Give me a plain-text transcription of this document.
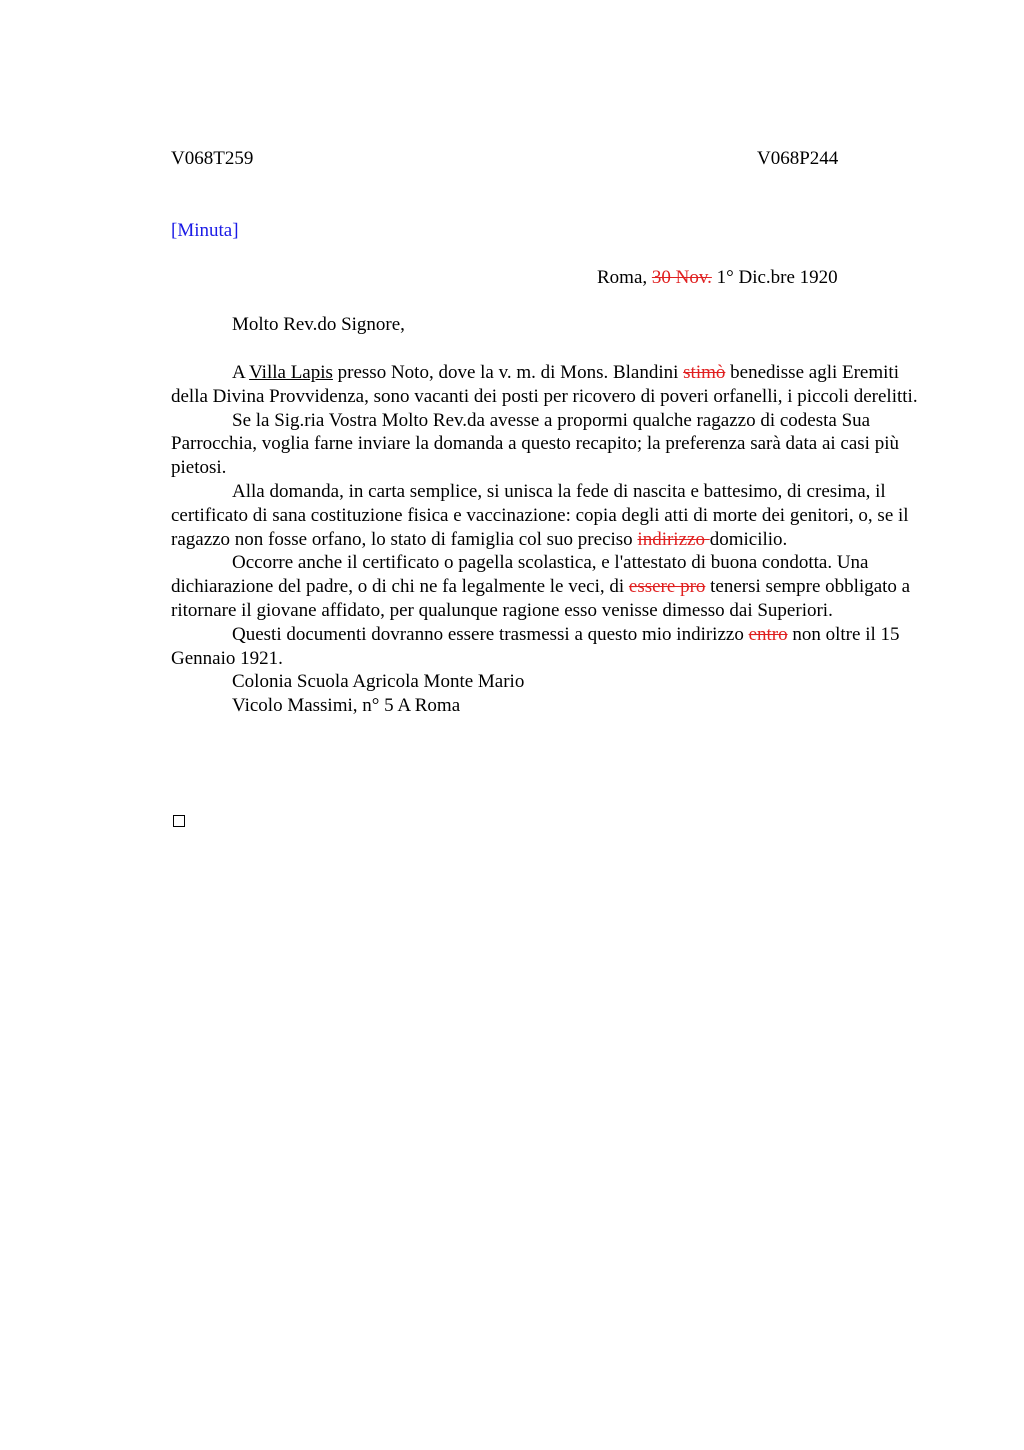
V068T259	V068P244
[Minuta]
Roma, 30 Nov. 1° Dic.bre 1920
Molto Rev.do Signore,

A Villa Lapis presso Noto, dove la v. m. di Mons. Blandini stimò benedisse agli Eremiti della Divina Provvidenza, sono vacanti dei posti per ricovero di poveri orfanelli, i piccoli derelitti.

Se la Sig.ria Vostra Molto Rev.da avesse a propormi qualche ragazzo di codesta Sua Parrocchia, voglia farne inviare la domanda a questo recapito; la preferenza sarà data ai casi più pietosi.

Alla domanda, in carta semplice, si unisca la fede di nascita e battesimo, di cresima, il certificato di sana costituzione fisica e vaccinazione: copia degli atti di morte dei genitori, o, se il ragazzo non fosse orfano, lo stato di famiglia col suo preciso indirizzo domicilio.

Occorre anche il certificato o pagella scolastica, e l'attestato di buona condotta. Una dichiarazione del padre, o di chi ne fa legalmente le veci, di essere pro tenersi sempre obbligato a ritornare il giovane affidato, per qualunque ragione esso venisse dimesso dai Superiori.

Questi documenti dovranno essere trasmessi a questo mio indirizzo entro non oltre il 15 Gennaio 1921.

Colonia Scuola Agricola Monte Mario

Vicolo Massimi, n° 5 A Roma
